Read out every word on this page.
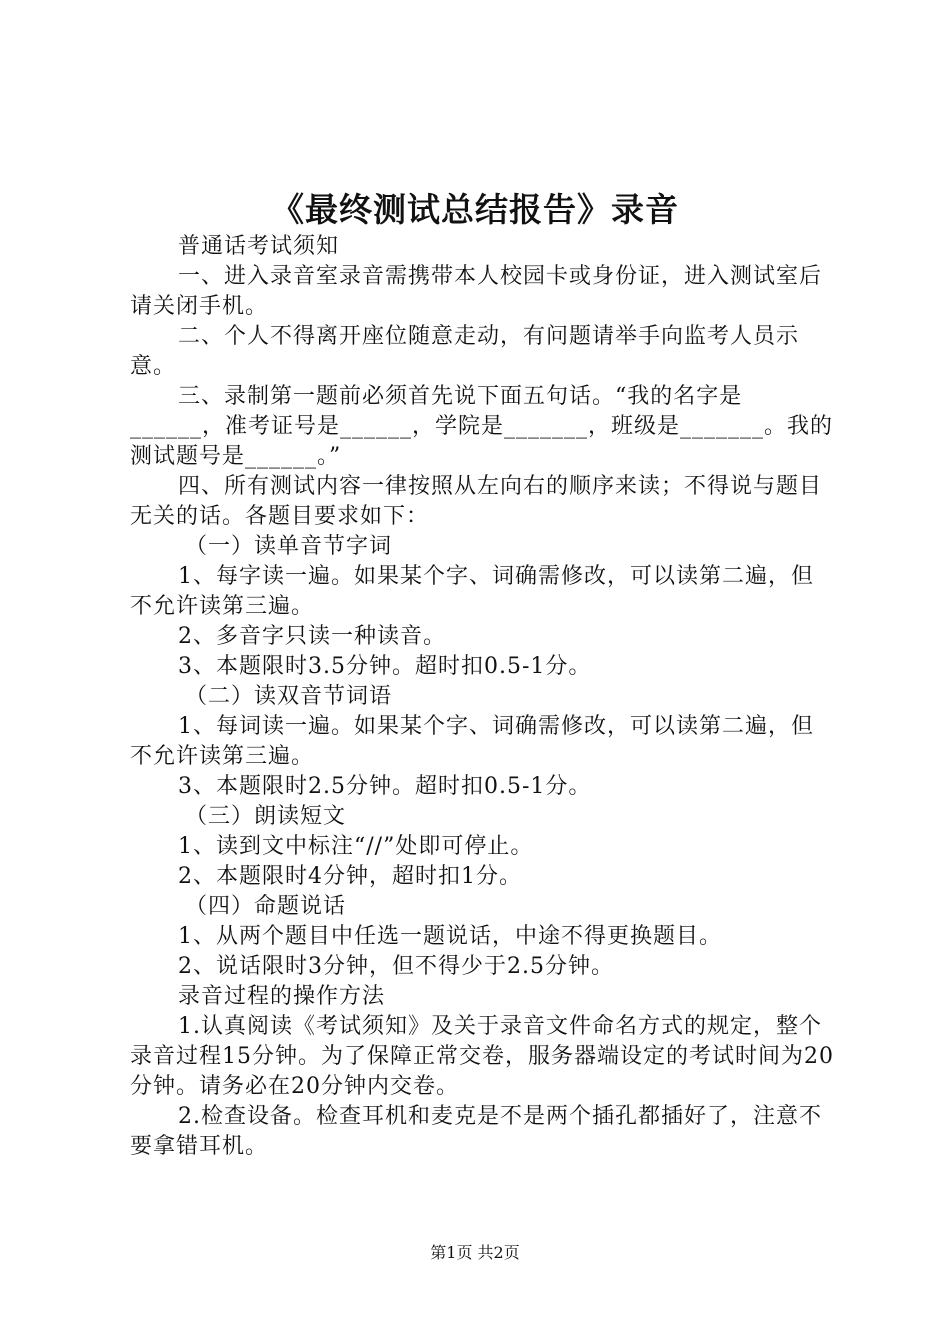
《最终测试总结报告》录音

普通话考试须知

一、进入录音室录音需携带本人校园卡或身份证，进入测试室后请关闭手机。

二、个人不得离开座位随意走动，有问题请举手向监考人员示意。

三、录制第一题前必须首先说下面五句话。“我的名字是______，准考证号是______，学院是_______，班级是_______。我的测试题号是______。”

四、所有测试内容一律按照从左向右的顺序来读；不得说与题目无关的话。各题目要求如下：

（一）读单音节字词

1、每字读一遍。如果某个字、词确需修改，可以读第二遍，但不允许读第三遍。

2、多音字只读一种读音。

3、本题限时3.5分钟。超时扣0.5-1分。

（二）读双音节词语

1、每词读一遍。如果某个字、词确需修改，可以读第二遍，但不允许读第三遍。

3、本题限时2.5分钟。超时扣0.5-1分。

（三）朗读短文

1、读到文中标注“//”处即可停止。

2、本题限时4分钟，超时扣1分。

（四）命题说话

1、从两个题目中任选一题说话，中途不得更换题目。

2、说话限时3分钟，但不得少于2.5分钟。

录音过程的操作方法

1.认真阅读《考试须知》及关于录音文件命名方式的规定，整个录音过程15分钟。为了保障正常交卷，服务器端设定的考试时间为20分钟。请务必在20分钟内交卷。

2.检查设备。检查耳机和麦克是不是两个插孔都插好了，注意不要拿错耳机。

第1页 共2页
